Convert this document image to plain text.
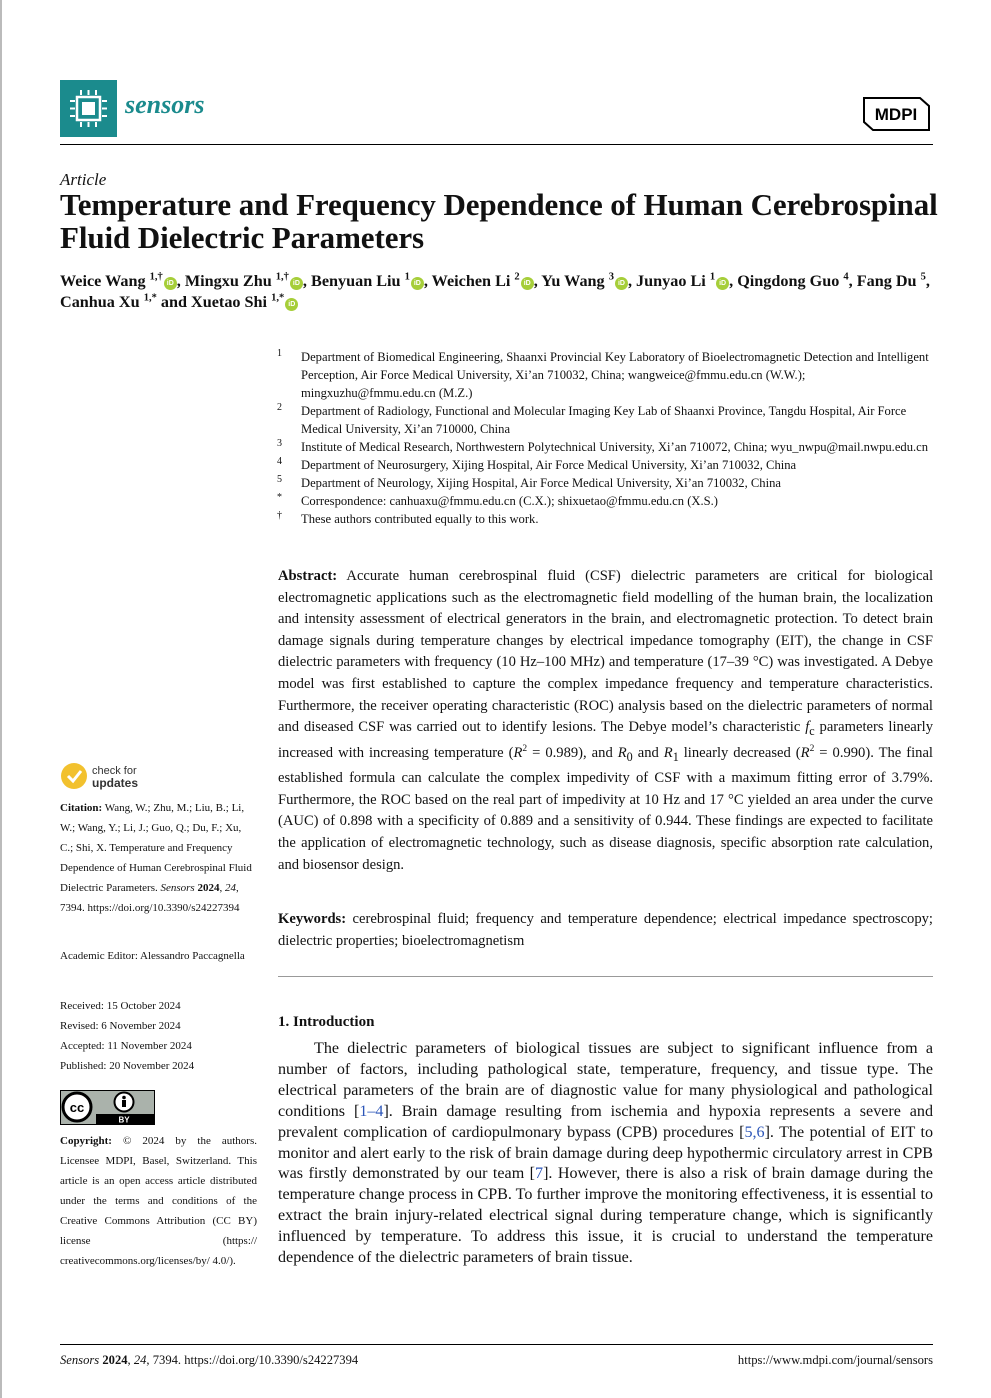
sensors	MDPI
Article
Temperature and Frequency Dependence of Human Cerebrospinal Fluid Dielectric Parameters
Weice Wang $^{1,\dagger}$iD , Mingxu Zhu $^{1,\dagger}$iD , Benyuan Liu $^1$iD , Weichen Li $^2$iD , Yu Wang $^3$iD , Junyao Li $^1$iD , Qingdong Guo $^4$, Fang Du $^5$, Canhua Xu $^{1,*}$ and Xuetao Shi $^{1,*}$iD
1 Department of Biomedical Engineering, Shaanxi Provincial Key Laboratory of Bioelectromagnetic Detection and Intelligent Perception, Air Force Medical University, Xi’an 710032, China; wangweice@fmmu.edu.cn (W.W.); mingxuzhu@fmmu.edu.cn (M.Z.)
2 Department of Radiology, Functional and Molecular Imaging Key Lab of Shaanxi Province, Tangdu Hospital, Air Force Medical University, Xi’an 710000, China
3 Institute of Medical Research, Northwestern Polytechnical University, Xi’an 710072, China; wyu_nwpu@mail.nwpu.edu.cn
4 Department of Neurosurgery, Xijing Hospital, Air Force Medical University, Xi’an 710032, China
5 Department of Neurology, Xijing Hospital, Air Force Medical University, Xi’an 710032, China
* Correspondence: canhuaxu@fmmu.edu.cn (C.X.); shixuetao@fmmu.edu.cn (X.S.)
† These authors contributed equally to this work.
Abstract: Accurate human cerebrospinal fluid (CSF) dielectric parameters are critical for biological electromagnetic applications such as the electromagnetic field modelling of the human brain, the localization and intensity assessment of electrical generators in the brain, and electromagnetic protection. To detect brain damage signals during temperature changes by electrical impedance tomography (EIT), the change in CSF dielectric parameters with frequency (10 Hz–100 MHz) and temperature (17–39 °C) was investigated. A Debye model was first established to capture the complex impedance frequency and temperature characteristics. Furthermore, the receiver operating characteristic (ROC) analysis based on the dielectric parameters of normal and diseased CSF was carried out to identify lesions. The Debye model’s characteristic $f_c$ parameters linearly increased with increasing temperature $(R^2 = 0.989)$, and $R_0$ and $R_1$ linearly decreased $(R^2 = 0.990)$. The final established formula can calculate the complex impedivity of CSF with a maximum fitting error of 3.79%. Furthermore, the ROC based on the real part of impedivity at 10 Hz and 17 °C yielded an area under the curve (AUC) of 0.898 with a specificity of 0.889 and a sensitivity of 0.944. These findings are expected to facilitate the application of electromagnetic technology, such as disease diagnosis, specific absorption rate calculation, and biosensor design.
Keywords: cerebrospinal fluid; frequency and temperature dependence; electrical impedance spectroscopy; dielectric properties; bioelectromagnetism
1. Introduction
The dielectric parameters of biological tissues are subject to significant influence from a number of factors, including pathological state, temperature, frequency, and tissue type. The electrical parameters of the brain are of diagnostic value for many physiological and pathological conditions [1–4]. Brain damage resulting from ischemia and hypoxia represents a severe and prevalent complication of cardiopulmonary bypass (CPB) procedures [5,6]. The potential of EIT to monitor and alert early to the risk of brain damage during deep hypothermic circulatory arrest in CPB was firstly demonstrated by our team [7]. However, there is also a risk of brain damage during the temperature change process in CPB. To further improve the monitoring effectiveness, it is essential to extract the brain injury-related electrical signal during temperature change, which is significantly influenced by temperature. To address this issue, it is crucial to understand the temperature dependence of the dielectric parameters of brain tissue.
check for
updates
Citation: Wang, W.; Zhu, M.; Liu, B.; Li, W.; Wang, Y.; Li, J.; Guo, Q.; Du, F.; Xu, C.; Shi, X. Temperature and Frequency Dependence of Human Cerebrospinal Fluid Dielectric Parameters. Sensors 2024, 24, 7394. https://doi.org/10.3390/s24227394
Academic Editor: Alessandro Paccagnella
Received: 15 October 2024
Revised: 6 November 2024
Accepted: 11 November 2024
Published: 20 November 2024
cc
BY
Copyright: © 2024 by the authors. Licensee MDPI, Basel, Switzerland. This article is an open access article distributed under the terms and conditions of the Creative Commons Attribution (CC BY) license (https:// creativecommons.org/licenses/by/ 4.0/).
Sensors 2024, 24, 7394. https://doi.org/10.3390/s24227394	https://www.mdpi.com/journal/sensors
